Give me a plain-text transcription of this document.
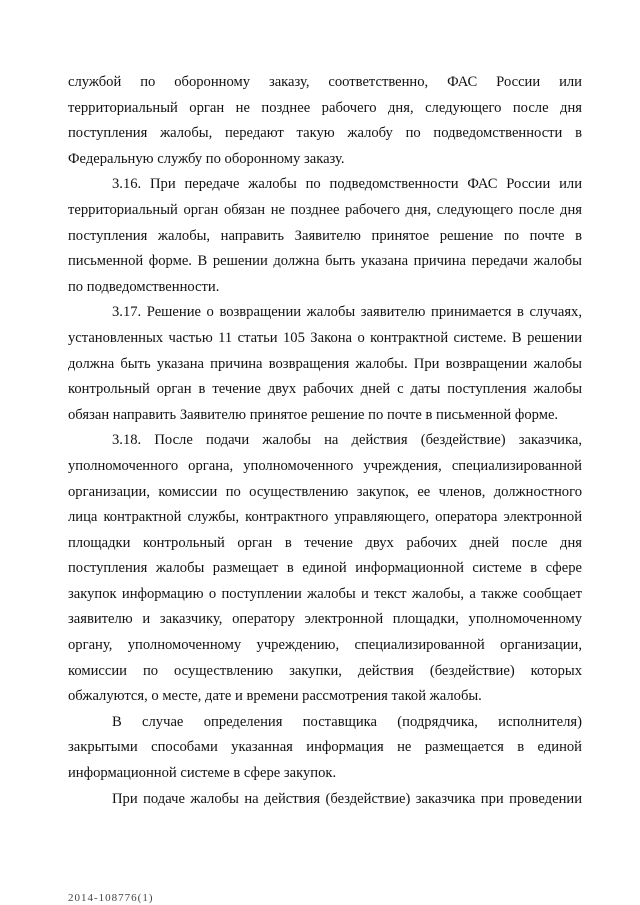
службой по оборонному заказу, соответственно, ФАС России или
территориальный орган не позднее рабочего дня, следующего после дня
поступления жалобы, передают такую жалобу по подведомственности в
Федеральную службу по оборонному заказу.

3.16. При передаче жалобы по подведомственности ФАС России или
территориальный орган обязан не позднее рабочего дня, следующего после дня
поступления жалобы, направить Заявителю принятое решение по почте в
письменной форме. В решении должна быть указана причина передачи жалобы
по подведомственности.

3.17. Решение о возвращении жалобы заявителю принимается в случаях,
установленных частью 11 статьи 105 Закона о контрактной системе. В решении
должна быть указана причина возвращения жалобы. При возвращении жалобы
контрольный орган в течение двух рабочих дней с даты поступления жалобы
обязан направить Заявителю принятое решение по почте в письменной форме.

3.18. После подачи жалобы на действия (бездействие) заказчика,
уполномоченного органа, уполномоченного учреждения, специализированной
организации, комиссии по осуществлению закупок, ее членов, должностного
лица контрактной службы, контрактного управляющего, оператора электронной
площадки контрольный орган в течение двух рабочих дней после дня
поступления жалобы размещает в единой информационной системе в сфере
закупок информацию о поступлении жалобы и текст жалобы, а также сообщает
заявителю и заказчику, оператору электронной площадки, уполномоченному
органу, уполномоченному учреждению, специализированной организации,
комиссии по осуществлению закупки, действия (бездействие) которых
обжалуются, о месте, дате и времени рассмотрения такой жалобы.

В случае определения поставщика (подрядчика, исполнителя)
закрытыми способами указанная информация не размещается в единой
информационной системе в сфере закупок.

При подаче жалобы на действия (бездействие) заказчика при проведении

2014-108776(1)
